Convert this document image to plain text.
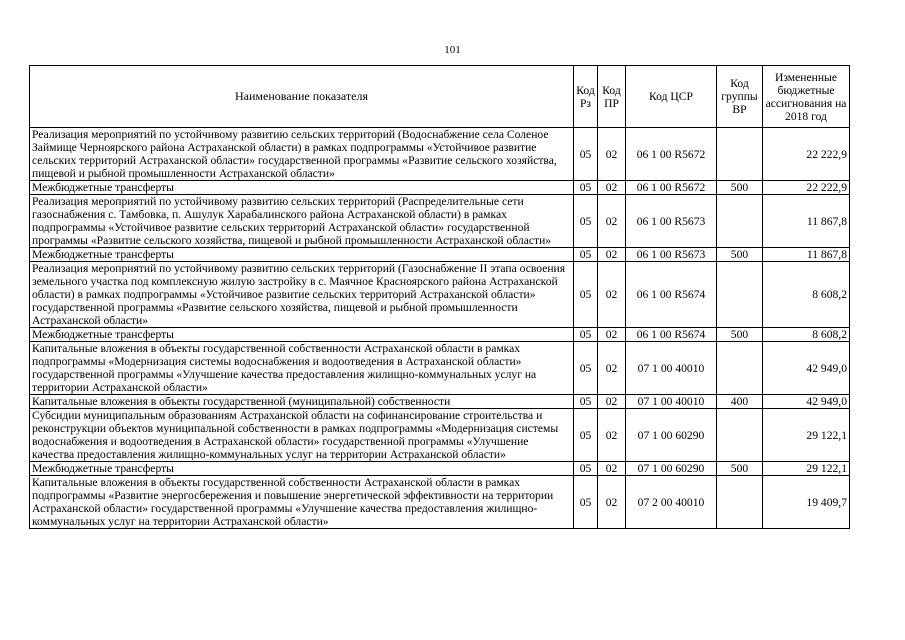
101
Наименование показателя	Код Рз	Код ПР	Код ЦСР	Код группы ВР	Измененные бюджетные ассигнования на 2018 год
Реализация мероприятий по устойчивому развитию сельских территорий (Водоснабжение села Соленое Займище Черноярского района Астраханской области) в рамках подпрограммы «Устойчивое развитие сельских территорий Астраханской области» государственной программы «Развитие сельского хозяйства, пищевой и рыбной промышленности Астраханской области»	05	02	06 1 00 R5672		22 222,9
Межбюджетные трансферты	05	02	06 1 00 R5672	500	22 222,9
Реализация мероприятий по устойчивому развитию сельских территорий (Распределительные сети газоснабжения с. Тамбовка, п. Ашулук Харабалинского района Астраханской области) в рамках подпрограммы «Устойчивое развитие сельских территорий Астраханской области» государственной программы «Развитие сельского хозяйства, пищевой и рыбной промышленности Астраханской области»	05	02	06 1 00 R5673		11 867,8
Межбюджетные трансферты	05	02	06 1 00 R5673	500	11 867,8
Реализация мероприятий по устойчивому развитию сельских территорий (Газоснабжение II этапа освоения земельного участка под комплексную жилую застройку в с. Маячное Красноярского района Астраханской области) в рамках подпрограммы «Устойчивое развитие сельских территорий Астраханской области» государственной программы «Развитие сельского хозяйства, пищевой и рыбной промышленности Астраханской области»	05	02	06 1 00 R5674		8 608,2
Межбюджетные трансферты	05	02	06 1 00 R5674	500	8 608,2
Капитальные вложения в объекты государственной собственности Астраханской области в рамках подпрограммы «Модернизация системы водоснабжения и водоотведения в Астраханской области» государственной программы «Улучшение качества предоставления жилищно-коммунальных услуг на территории Астраханской области»	05	02	07 1 00 40010		42 949,0
Капитальные вложения в объекты государственной (муниципальной) собственности	05	02	07 1 00 40010	400	42 949,0
Субсидии муниципальным образованиям Астраханской области на софинансирование строительства и реконструкции объектов муниципальной собственности в рамках подпрограммы «Модернизация системы водоснабжения и водоотведения в Астраханской области» государственной программы «Улучшение качества предоставления жилищно-коммунальных услуг на территории Астраханской области»	05	02	07 1 00 60290		29 122,1
Межбюджетные трансферты	05	02	07 1 00 60290	500	29 122,1
Капитальные вложения в объекты государственной собственности Астраханской области в рамках подпрограммы «Развитие энергосбережения и повышение энергетической эффективности на территории Астраханской области» государственной программы «Улучшение качества предоставления жилищно-коммунальных услуг на территории Астраханской области»	05	02	07 2 00 40010		19 409,7
